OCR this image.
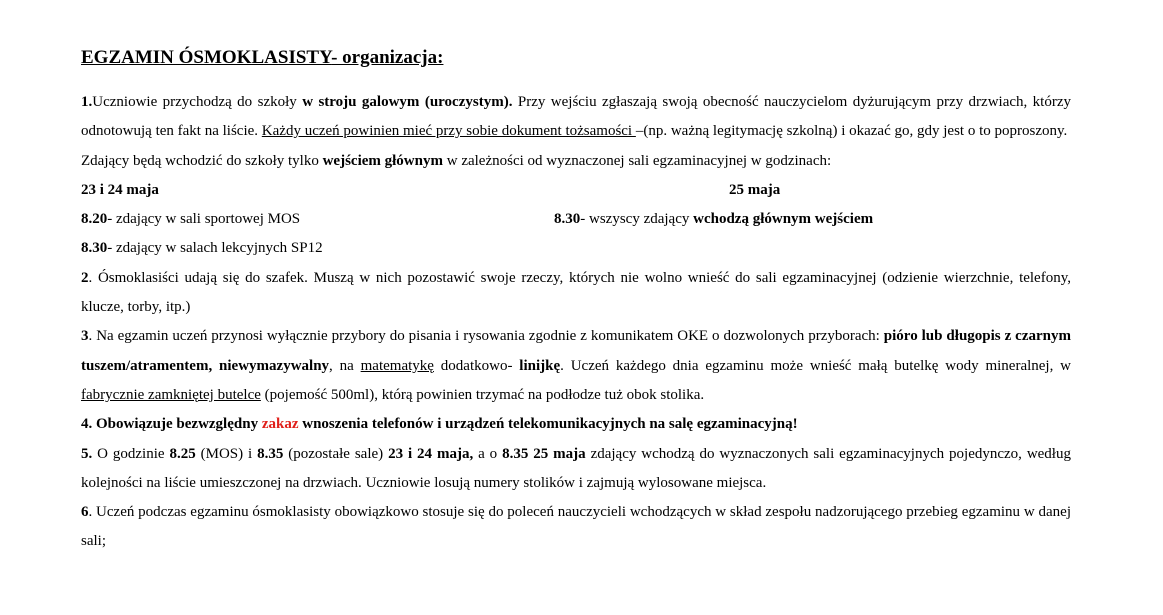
EGZAMIN ÓSMOKLASISTY- organizacja:

1.Uczniowie przychodzą do szkoły w stroju galowym (uroczystym). Przy wejściu zgłaszają swoją obecność nauczycielom dyżurującym przy drzwiach, którzy odnotowują ten fakt na liście. Każdy uczeń powinien mieć przy sobie dokument tożsamości –(np. ważną legitymację szkolną) i okazać go, gdy jest o to poproszony.

Zdający będą wchodzić do szkoły tylko wejściem głównym w zależności od wyznaczonej sali egzaminacyjnej w godzinach:

23 i 24 maja	25 maja
8.20- zdający w sali sportowej MOS	8.30- wszyscy zdający wchodzą głównym wejściem
8.30- zdający w salach lekcyjnych SP12

2. Ósmoklasiści udają się do szafek. Muszą w nich pozostawić swoje rzeczy, których nie wolno wnieść do sali egzaminacyjnej (odzienie wierzchnie, telefony, klucze, torby, itp.)

3. Na egzamin uczeń przynosi wyłącznie przybory do pisania i rysowania zgodnie z komunikatem OKE o dozwolonych przyborach: pióro lub długopis z czarnym tuszem/atramentem, niewymazywalny, na matematykę dodatkowo- linijkę. Uczeń każdego dnia egzaminu może wnieść małą butelkę wody mineralnej, w fabrycznie zamkniętej butelce (pojemość 500ml), którą powinien trzymać na podłodze tuż obok stolika.

4. Obowiązuje bezwzględny zakaz wnoszenia telefonów i urządzeń telekomunikacyjnych na salę egzaminacyjną!

5. O godzinie 8.25 (MOS) i 8.35 (pozostałe sale) 23 i 24 maja, a o 8.35 25 maja zdający wchodzą do wyznaczonych sali egzaminacyjnych pojedynczo, według kolejności na liście umieszczonej na drzwiach. Uczniowie losują numery stolików i zajmują wylosowane miejsca.

6. Uczeń podczas egzaminu ósmoklasisty obowiązkowo stosuje się do poleceń nauczycieli wchodzących w skład zespołu nadzorującego przebieg egzaminu w danej sali;
